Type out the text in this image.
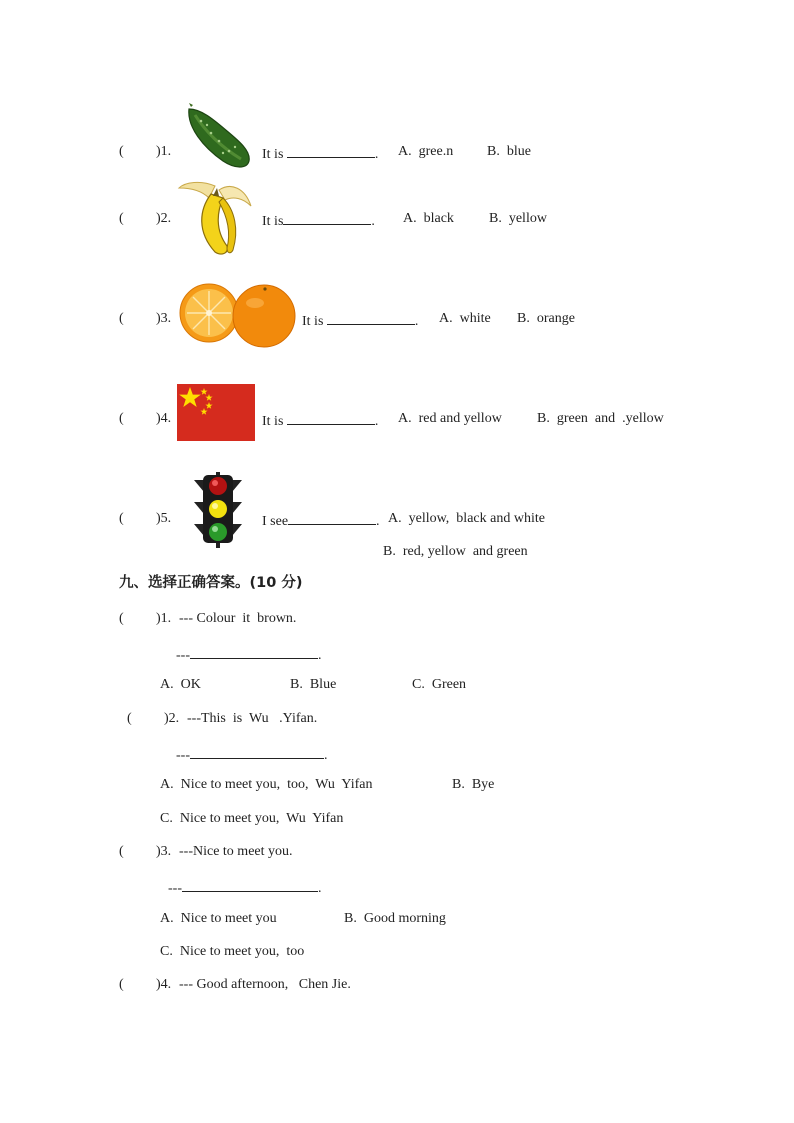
( )1.	It is	. A.  gree.n B.  blue
( )2.	It is	. A.  black	B.  yellow
( )3.	It is	. A.  white B.  orange
( )4.	It is	. A.  red and yellow	B.  green  and  .yellow
( )5.	I see	. A.  yellow,  black and white
B.  red, yellow  and green
九、选择正确答案。(10 分)
( )1. --- Colour  it  brown.
---	.
A.  OK	B.  Blue	C.  Green
( )2. ---This  is  Wu   .Yifan.
---	.
A.  Nice to meet you,  too,  Wu  Yifan	B.  Bye
C.  Nice to meet you,  Wu  Yifan
( )3. ---Nice to meet you.
---	.
A.  Nice to meet you	B.  Good morning
C.  Nice to meet you,  too
( )4. --- Good afternoon,   Chen Jie.
